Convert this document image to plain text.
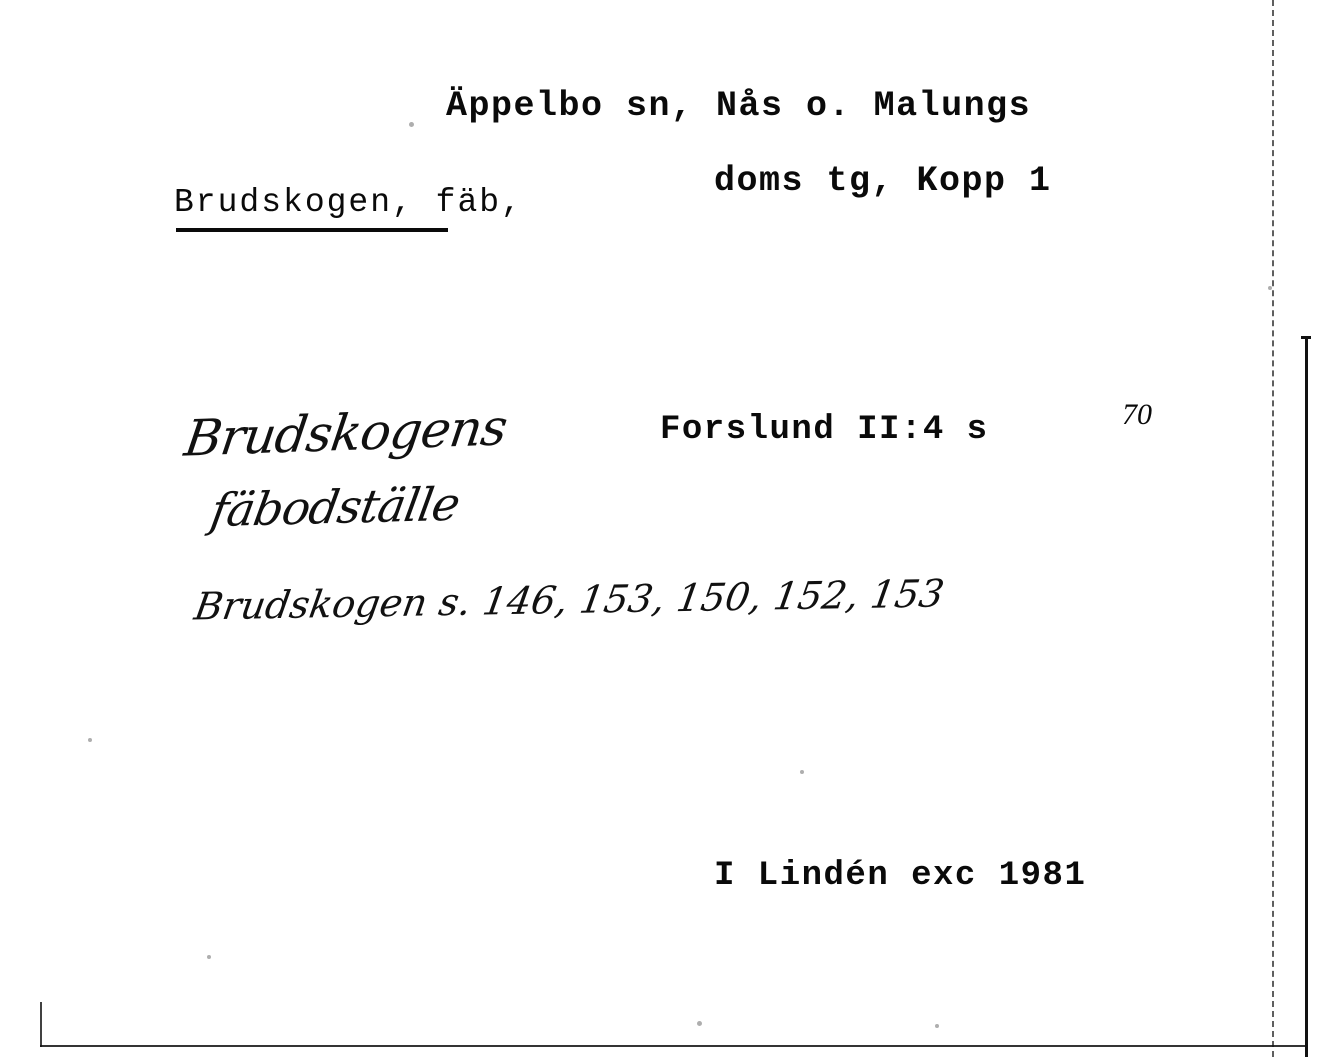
Äppelbo sn, Nås o. Malungs
doms tg, Kopp 1
Brudskogen, fäb,
Brudskogens
fäbodställe
Brudskogen s. 146, 153, 150, 152, 153
Forslund II:4 s	70
I Lindén exc 1981
